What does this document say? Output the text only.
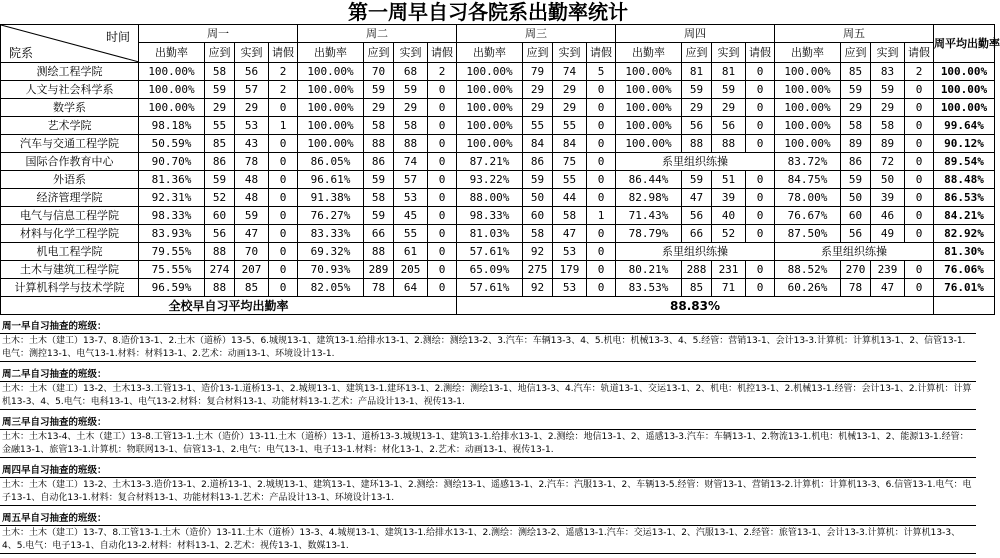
第一周早自习各院系出勤率统计
院系
时间	周一				周二				周三				周四				周五				周平均出勤率
	出勤率	应到	实到	请假	出勤率	应到	实到	请假	出勤率	应到	实到	请假	出勤率	应到	实到	请假	出勤率	应到	实到	请假	
测绘工程学院	100.00%	58	56	2	100.00%	70	68	2	100.00%	79	74	5	100.00%	81	81	0	100.00%	85	83	2	100.00%
人文与社会科学系	100.00%	59	57	2	100.00%	59	59	0	100.00%	29	29	0	100.00%	59	59	0	100.00%	59	59	0	100.00%
数学系	100.00%	29	29	0	100.00%	29	29	0	100.00%	29	29	0	100.00%	29	29	0	100.00%	29	29	0	100.00%
艺术学院	98.18%	55	53	1	100.00%	58	58	0	100.00%	55	55	0	100.00%	56	56	0	100.00%	58	58	0	99.64%
汽车与交通工程学院	50.59%	85	43	0	100.00%	88	88	0	100.00%	84	84	0	100.00%	88	88	0	100.00%	89	89	0	90.12%
国际合作教育中心	90.70%	86	78	0	86.05%	86	74	0	87.21%	86	75	0	系里组织练操				83.72%	86	72	0	89.54%
外语系	81.36%	59	48	0	96.61%	59	57	0	93.22%	59	55	0	86.44%	59	51	0	84.75%	59	50	0	88.48%
经济管理学院	92.31%	52	48	0	91.38%	58	53	0	88.00%	50	44	0	82.98%	47	39	0	78.00%	50	39	0	86.53%
电气与信息工程学院	98.33%	60	59	0	76.27%	59	45	0	98.33%	60	58	1	71.43%	56	40	0	76.67%	60	46	0	84.21%
材料与化学工程学院	83.93%	56	47	0	83.33%	66	55	0	81.03%	58	47	0	78.79%	66	52	0	87.50%	56	49	0	82.92%
机电工程学院	79.55%	88	70	0	69.32%	88	61	0	57.61%	92	53	0	系里组织练操				系里组织练操				81.30%
土木与建筑工程学院	75.55%	274	207	0	70.93%	289	205	0	65.09%	275	179	0	80.21%	288	231	0	88.52%	270	239	0	76.06%
计算机科学与技术学院	96.59%	88	85	0	82.05%	78	64	0	57.61%	92	53	0	83.53%	85	71	0	60.26%	78	47	0	76.01%
全校早自习平均出勤率									88.83%												
周一早自习抽查的班级：
土木：土木（建工）13-7、8.造价13-1、2.土木（道桥）13-5、6.城规13-1、建筑13-1.给排水13-1、2.测绘：测绘13-2、3.汽车：车辆13-3、4、5.机电：机械13-3、4、5.经管：营销13-1、会计13-3.计算机：计算机13-1、2、信管13-1.电气：测控13-1、电气13-1.材料：材料13-1、2.艺术：动画13-1、环境设计13-1.
周二早自习抽查的班级：
土木：土木（建工）13-2、土木13-3.工管13-1、造价13-1.道桥13-1、2.城规13-1、建筑13-1.建环13-1、2.测绘：测绘13-1、地信13-3、4.汽车：轨道13-1、交运13-1、2、机电：机控13-1、2.机械13-1.经管：会计13-1、2.计算机：计算机13-3、4、5.电气：电科13-1、电气13-2.材料：复合材料13-1、功能材料13-1.艺术：产品设计13-1、视传13-1.
周三早自习抽查的班级：
土木：土木13-4、土木（建工）13-8.工管13-1.土木（造价）13-11.土木（道桥）13-1、道桥13-3.城规13-1、建筑13-1.给排水13-1、2.测绘：地信13-1、2、遥感13-3.汽车：车辆13-1、2.物流13-1.机电：机械13-1、2、能源13-1.经管：金融13-1、旅管13-1.计算机：物联网13-1、信管13-1、2.电气：电气13-1、电子13-1.材料：材化13-1、2.艺术：动画13-1、视传13-1.
周四早自习抽查的班级：
土木：土木（建工）13-2、土木13-3.造价13-1、2.道桥13-1、2.城规13-1、建筑13-1、建环13-1、2.测绘：测绘13-1、遥感13-1、2.汽车：汽服13-1、2、车辆13-5.经管：财管13-1、营销13-2.计算机：计算机13-3、6.信管13-1.电气：电子13-1、自动化13-1.材料：复合材料13-1、功能材料13-1.艺术：产品设计13-1、环境设计13-1.
周五早自习抽查的班级：
土木：土木（建工）13-7、8.工管13-1.土木（造价）13-11.土木（道桥）13-3、4.城规13-1、建筑13-1.给排水13-1、2.测绘：测绘13-2、遥感13-1.汽车：交运13-1、2、汽服13-1、2.经管：旅管13-1、会计13-3.计算机：计算机13-3、4、5.电气：电子13-1、自动化13-2.材料：材料13-1、2.艺术：视传13-1、数媒13-1.
